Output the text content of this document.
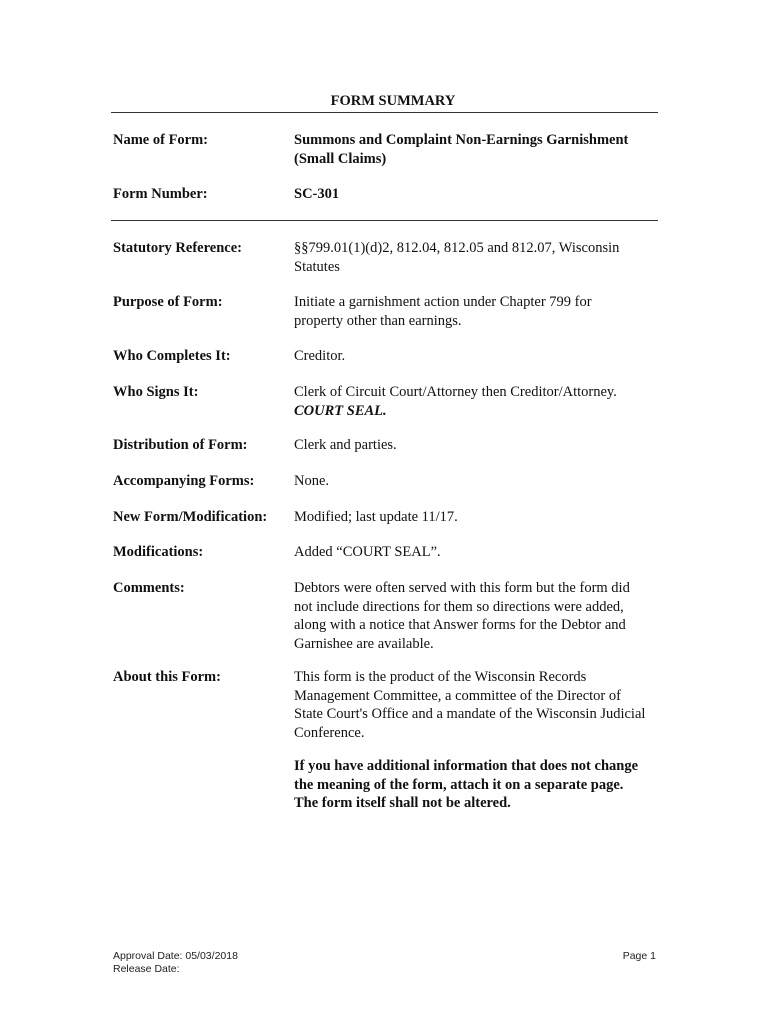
FORM SUMMARY
Name of Form:	Summons and Complaint Non-Earnings Garnishment
(Small Claims)
Form Number:	SC-301
Statutory Reference:	§§799.01(1)(d)2, 812.04, 812.05 and 812.07, Wisconsin
Statutes
Purpose of Form:	Initiate a garnishment action under Chapter 799 for
property other than earnings.
Who Completes It:	Creditor.
Who Signs It:	Clerk of Circuit Court/Attorney then Creditor/Attorney.
COURT SEAL.
Distribution of Form:	Clerk and parties.
Accompanying Forms:	None.
New Form/Modification:	Modified; last update 11/17.
Modifications:	Added “COURT SEAL”.
Comments:	Debtors were often served with this form but the form did
not include directions for them so directions were added,
along with a notice that Answer forms for the Debtor and
Garnishee are available.
About this Form:	This form is the product of the Wisconsin Records
Management Committee, a committee of the Director of
State Court's Office and a mandate of the Wisconsin Judicial
Conference.
If you have additional information that does not change
the meaning of the form, attach it on a separate page.
The form itself shall not be altered.
Approval Date: 05/03/2018
Release Date:
Page 1
